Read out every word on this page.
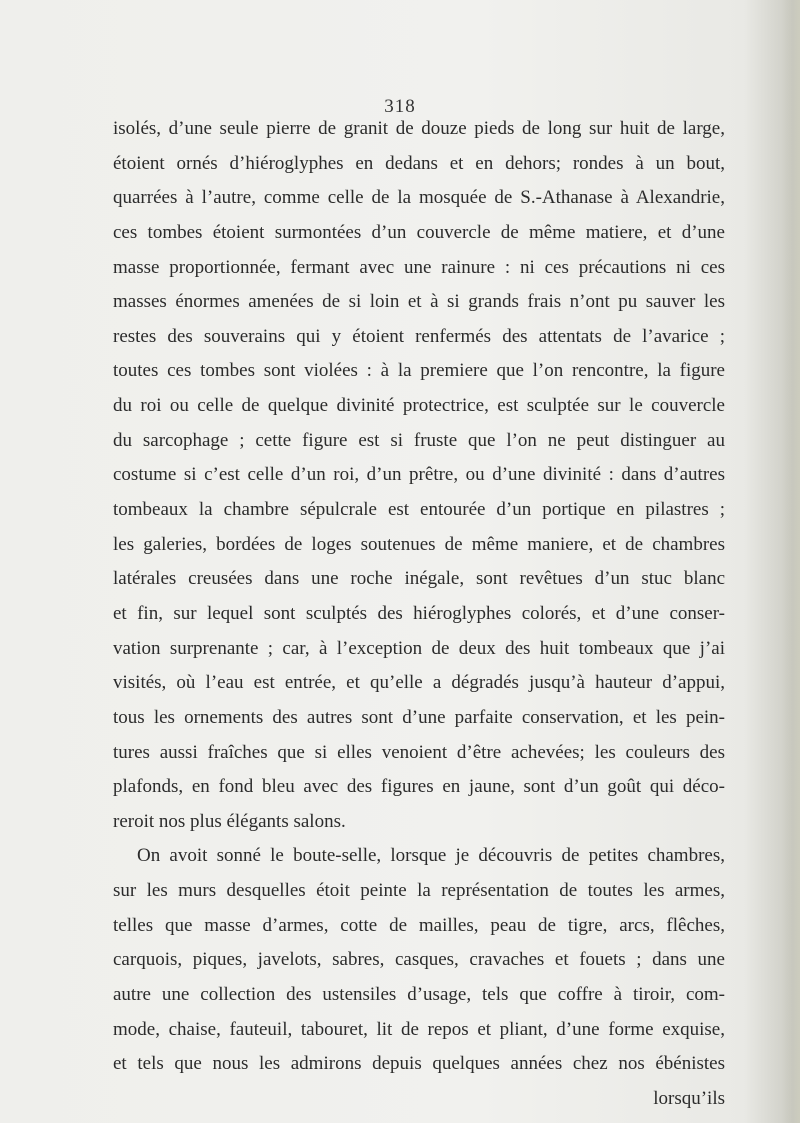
318
isolés, d’une seule pierre de granit de douze pieds de long sur huit de large,
étoient ornés d’hiéroglyphes en dedans et en dehors; rondes à un bout,
quarrées à l’autre, comme celle de la mosquée de S.-Athanase à Alexandrie,
ces tombes étoient surmontées d’un couvercle de même matiere, et d’une
masse proportionnée, fermant avec une rainure : ni ces précautions ni ces
masses énormes amenées de si loin et à si grands frais n’ont pu sauver les
restes des souverains qui y étoient renfermés des attentats de l’avarice ;
toutes ces tombes sont violées : à la premiere que l’on rencontre, la figure
du roi ou celle de quelque divinité protectrice, est sculptée sur le couvercle
du sarcophage ; cette figure est si fruste que l’on ne peut distinguer au
costume si c’est celle d’un roi, d’un prêtre, ou d’une divinité : dans d’autres
tombeaux la chambre sépulcrale est entourée d’un portique en pilastres ;
les galeries, bordées de loges soutenues de même maniere, et de chambres
latérales creusées dans une roche inégale, sont revêtues d’un stuc blanc
et fin, sur lequel sont sculptés des hiéroglyphes colorés, et d’une conser-
vation surprenante ; car, à l’exception de deux des huit tombeaux que j’ai
visités, où l’eau est entrée, et qu’elle a dégradés jusqu’à hauteur d’appui,
tous les ornements des autres sont d’une parfaite conservation, et les pein-
tures aussi fraîches que si elles venoient d’être achevées; les couleurs des
plafonds, en fond bleu avec des figures en jaune, sont d’un goût qui déco-
reroit nos plus élégants salons.
On avoit sonné le boute-selle, lorsque je découvris de petites chambres,
sur les murs desquelles étoit peinte la représentation de toutes les armes,
telles que masse d’armes, cotte de mailles, peau de tigre, arcs, flêches,
carquois, piques, javelots, sabres, casques, cravaches et fouets ; dans une
autre une collection des ustensiles d’usage, tels que coffre à tiroir, com-
mode, chaise, fauteuil, tabouret, lit de repos et pliant, d’une forme exquise,
et tels que nous les admirons depuis quelques années chez nos ébénistes
lorsqu’ils
